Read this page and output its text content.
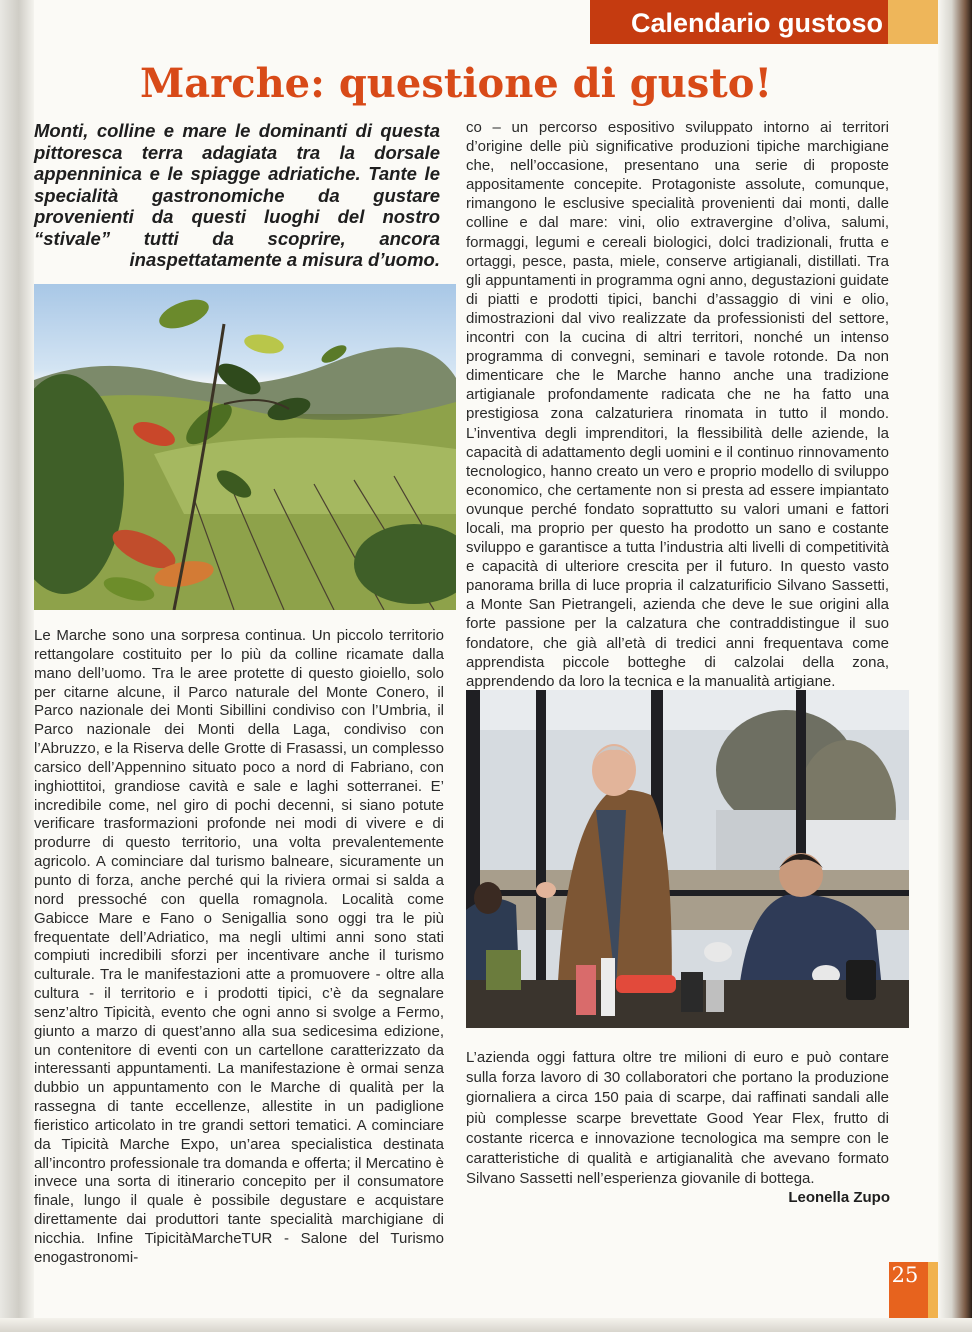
Calendario gustoso
Marche: questione di gusto!
Monti, colline e mare le dominanti di questa pittoresca terra adagiata tra la dorsale appenninica e le spiagge adriatiche. Tante le specialità gastronomiche da gustare provenienti da questi luoghi del nostro “stivale” tutti da scoprire, ancora inaspettatamente a misura d’uomo.
Le Marche sono una sorpresa continua. Un piccolo territorio rettangolare costituito per lo più da colline ricamate dalla mano dell’uomo. Tra le aree protette di questo gioiello, solo per citarne alcune, il Parco naturale del Monte Conero, il Parco nazionale dei Monti Sibillini condiviso con l’Umbria, il Parco nazionale dei Monti della Laga, condiviso con l’Abruzzo, e la Riserva delle Grotte di Frasassi, un complesso carsico dell’Appennino situato poco a nord di Fabriano, con inghiottitoi, grandiose cavità e sale e laghi sotterranei. E’ incredibile come, nel giro di pochi decenni, si siano potute verificare trasformazioni profonde nei modi di vivere e di produrre di questo territorio, una volta prevalentemente agricolo. A cominciare dal turismo balneare, sicuramente un punto di forza, anche perché qui la riviera ormai si salda a nord pressoché con quella romagnola. Località come Gabicce Mare e Fano o Senigallia sono oggi tra le più frequentate dell’Adriatico, ma negli ultimi anni sono stati compiuti incredibili sforzi per incentivare anche il turismo culturale. Tra le manifestazioni atte a promuovere - oltre alla cultura - il territorio e i prodotti tipici, c’è da segnalare senz’altro Tipicità, evento che ogni anno si svolge a Fermo, giunto a marzo di quest’anno alla sua sedicesima edizione, un contenitore di eventi con un cartellone caratterizzato da interessanti appuntamenti. La manifestazione è ormai senza dubbio un appuntamento con le Marche di qualità per la rassegna di tante eccellenze, allestite in un padiglione fieristico articolato in tre grandi settori tematici. A cominciare da Tipicità Marche Expo, un’area specialistica destinata all’incontro professionale tra domanda e offerta; il Mercatino è invece una sorta di itinerario concepito per il consumatore finale, lungo il quale è possibile degustare e acquistare direttamente dai produttori tante specialità marchigiane di nicchia. Infine TipicitàMarcheTUR - Salone del Turismo enogastronomi-
co – un percorso espositivo sviluppato intorno ai territori d’origine delle più significative produzioni tipiche marchigiane che, nell’occasione, presentano una serie di proposte appositamente concepite. Protagoniste assolute, comunque, rimangono le esclusive specialità provenienti dai monti, dalle colline e dal mare: vini, olio extravergine d’oliva, salumi, formaggi, legumi e cereali biologici, dolci tradizionali, frutta e ortaggi, pesce, pasta, miele, conserve artigianali, distillati. Tra gli appuntamenti in programma ogni anno, degustazioni guidate di piatti e prodotti tipici, banchi d’assaggio di vini e olio, dimostrazioni dal vivo realizzate da professionisti del settore, incontri con la cucina di altri territori, nonché un intenso programma di convegni, seminari e tavole rotonde. Da non dimenticare che le Marche hanno anche una tradizione artigianale profondamente radicata che ne ha fatto una prestigiosa zona calzaturiera rinomata in tutto il mondo. L’inventiva degli imprenditori, la flessibilità delle aziende, la capacità di adattamento degli uomini e il continuo rinnovamento tecnologico, hanno creato un vero e proprio modello di sviluppo economico, che certamente non si presta ad essere impiantato ovunque perché fondato soprattutto su valori umani e fattori locali, ma proprio per questo ha prodotto un sano e costante sviluppo e garantisce a tutta l’industria alti livelli di competitività e capacità di ulteriore crescita per il futuro. In questo vasto panorama brilla di luce propria il calzaturificio Silvano Sassetti, a Monte San Pietrangeli, azienda che deve le sue origini alla forte passione per la calzatura che contraddistingue il suo fondatore, che già all’età di tredici anni frequentava come apprendista piccole botteghe di calzolai della zona, apprendendo da loro la tecnica e la manualità artigiane.
L’azienda oggi fattura oltre tre milioni di euro e può contare sulla forza lavoro di 30 collaboratori che portano la produzione giornaliera a circa 150 paia di scarpe, dai raffinati sandali alle più complesse scarpe brevettate Good Year Flex, frutto di costante ricerca e innovazione tecnologica ma sempre con le caratteristiche di qualità e artigianalità che avevano formato Silvano Sassetti nell’esperienza giovanile di bottega.
Leonella Zupo
25
